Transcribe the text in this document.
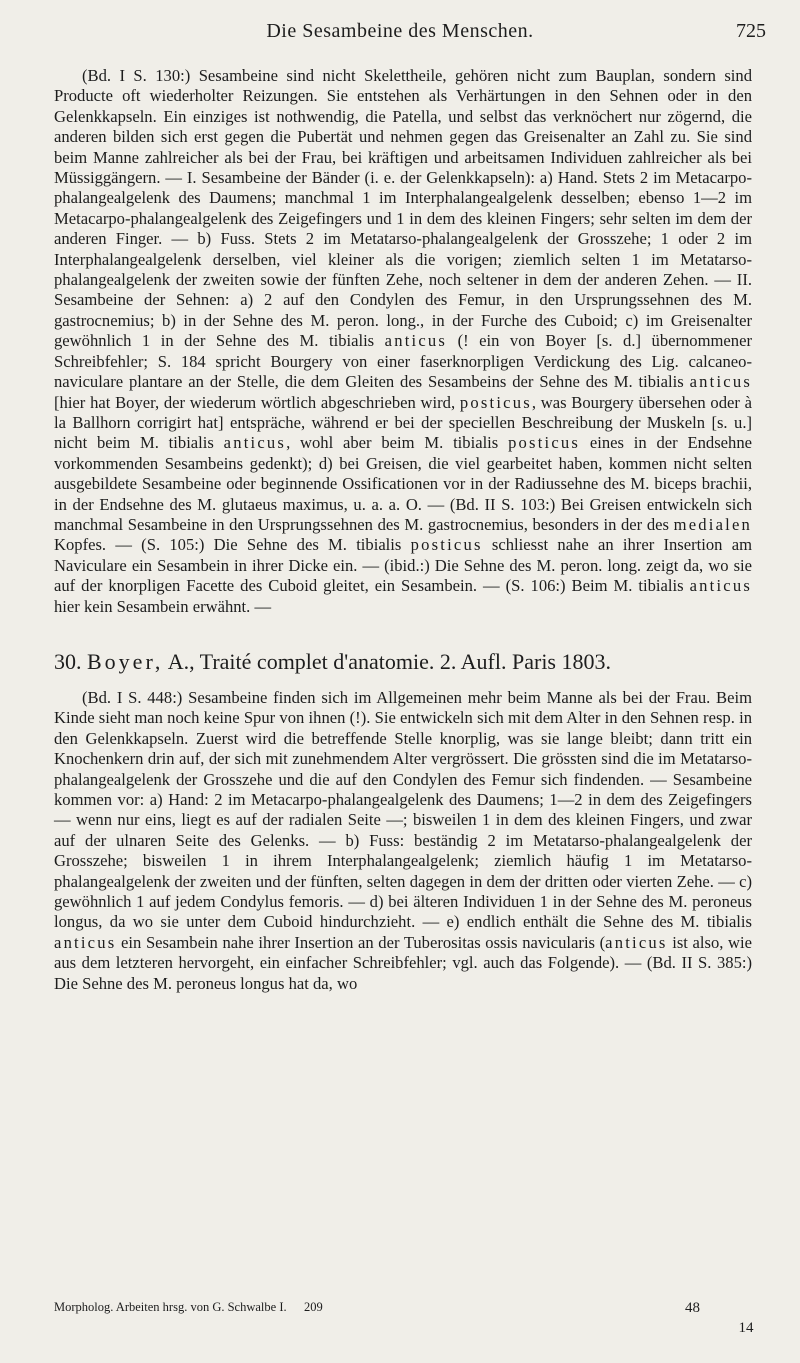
Die Sesambeine des Menschen.	725

(Bd. I S. 130:) Sesambeine sind nicht Skelettheile, gehören nicht zum Bauplan, sondern sind Producte oft wiederholter Reizungen. Sie entstehen als Verhärtungen in den Sehnen oder in den Gelenkkapseln. Ein einziges ist nothwendig, die Patella, und selbst das verknöchert nur zögernd, die anderen bilden sich erst gegen die Pubertät und nehmen gegen das Greisenalter an Zahl zu. Sie sind beim Manne zahlreicher als bei der Frau, bei kräftigen und arbeitsamen Individuen zahlreicher als bei Müssiggängern. — I. Sesambeine der Bänder (i. e. der Gelenkkapseln): a) Hand. Stets 2 im Metacarpo-phalangealgelenk des Daumens; manchmal 1 im Interphalangealgelenk desselben; ebenso 1—2 im Metacarpo-phalangealgelenk des Zeigefingers und 1 in dem des kleinen Fingers; sehr selten im dem der anderen Finger. — b) Fuss. Stets 2 im Metatarso-phalangealgelenk der Grosszehe; 1 oder 2 im Interphalangealgelenk derselben, viel kleiner als die vorigen; ziemlich selten 1 im Metatarso-phalangealgelenk der zweiten sowie der fünften Zehe, noch seltener in dem der anderen Zehen. — II. Sesambeine der Sehnen: a) 2 auf den Condylen des Femur, in den Ursprungssehnen des M. gastrocnemius; b) in der Sehne des M. peron. long., in der Furche des Cuboid; c) im Greisenalter gewöhnlich 1 in der Sehne des M. tibialis anticus (! ein von Boyer [s. d.] übernommener Schreibfehler; S. 184 spricht Bourgery von einer faserknorpligen Verdickung des Lig. calcaneo-naviculare plantare an der Stelle, die dem Gleiten des Sesambeins der Sehne des M. tibialis anticus [hier hat Boyer, der wiederum wörtlich abgeschrieben wird, posticus, was Bourgery übersehen oder à la Ballhorn corrigirt hat] entspräche, während er bei der speciellen Beschreibung der Muskeln [s. u.] nicht beim M. tibialis anticus, wohl aber beim M. tibialis posticus eines in der Endsehne vorkommenden Sesambeins gedenkt); d) bei Greisen, die viel gearbeitet haben, kommen nicht selten ausgebildete Sesambeine oder beginnende Ossificationen vor in der Radiussehne des M. biceps brachii, in der Endsehne des M. glutaeus maximus, u. a. a. O. — (Bd. II S. 103:) Bei Greisen entwickeln sich manchmal Sesambeine in den Ursprungssehnen des M. gastrocnemius, besonders in der des medialen Kopfes. — (S. 105:) Die Sehne des M. tibialis posticus schliesst nahe an ihrer Insertion am Naviculare ein Sesambein in ihrer Dicke ein. — (ibid.:) Die Sehne des M. peron. long. zeigt da, wo sie auf der knorpligen Facette des Cuboid gleitet, ein Sesambein. — (S. 106:) Beim M. tibialis anticus hier kein Sesambein erwähnt. —

30. Boyer, A., Traité complet d'anatomie. 2. Aufl. Paris 1803.

(Bd. I S. 448:) Sesambeine finden sich im Allgemeinen mehr beim Manne als bei der Frau. Beim Kinde sieht man noch keine Spur von ihnen (!). Sie entwickeln sich mit dem Alter in den Sehnen resp. in den Gelenkkapseln. Zuerst wird die betreffende Stelle knorplig, was sie lange bleibt; dann tritt ein Knochenkern drin auf, der sich mit zunehmendem Alter vergrössert. Die grössten sind die im Metatarso-phalangealgelenk der Grosszehe und die auf den Condylen des Femur sich findenden. — Sesambeine kommen vor: a) Hand: 2 im Metacarpo-phalangealgelenk des Daumens; 1—2 in dem des Zeigefingers — wenn nur eins, liegt es auf der radialen Seite —; bisweilen 1 in dem des kleinen Fingers, und zwar auf der ulnaren Seite des Gelenks. — b) Fuss: beständig 2 im Metatarso-phalangealgelenk der Grosszehe; bisweilen 1 in ihrem Interphalangealgelenk; ziemlich häufig 1 im Metatarso-phalangealgelenk der zweiten und der fünften, selten dagegen in dem der dritten oder vierten Zehe. — c) gewöhnlich 1 auf jedem Condylus femoris. — d) bei älteren Individuen 1 in der Sehne des M. peroneus longus, da wo sie unter dem Cuboid hindurchzieht. — e) endlich enthält die Sehne des M. tibialis anticus ein Sesambein nahe ihrer Insertion an der Tuberositas ossis navicularis (anticus ist also, wie aus dem letzteren hervorgeht, ein einfacher Schreibfehler; vgl. auch das Folgende). — (Bd. II S. 385:) Die Sehne des M. peroneus longus hat da, wo

Morpholog. Arbeiten hrsg. von G. Schwalbe I. 209	48
14
